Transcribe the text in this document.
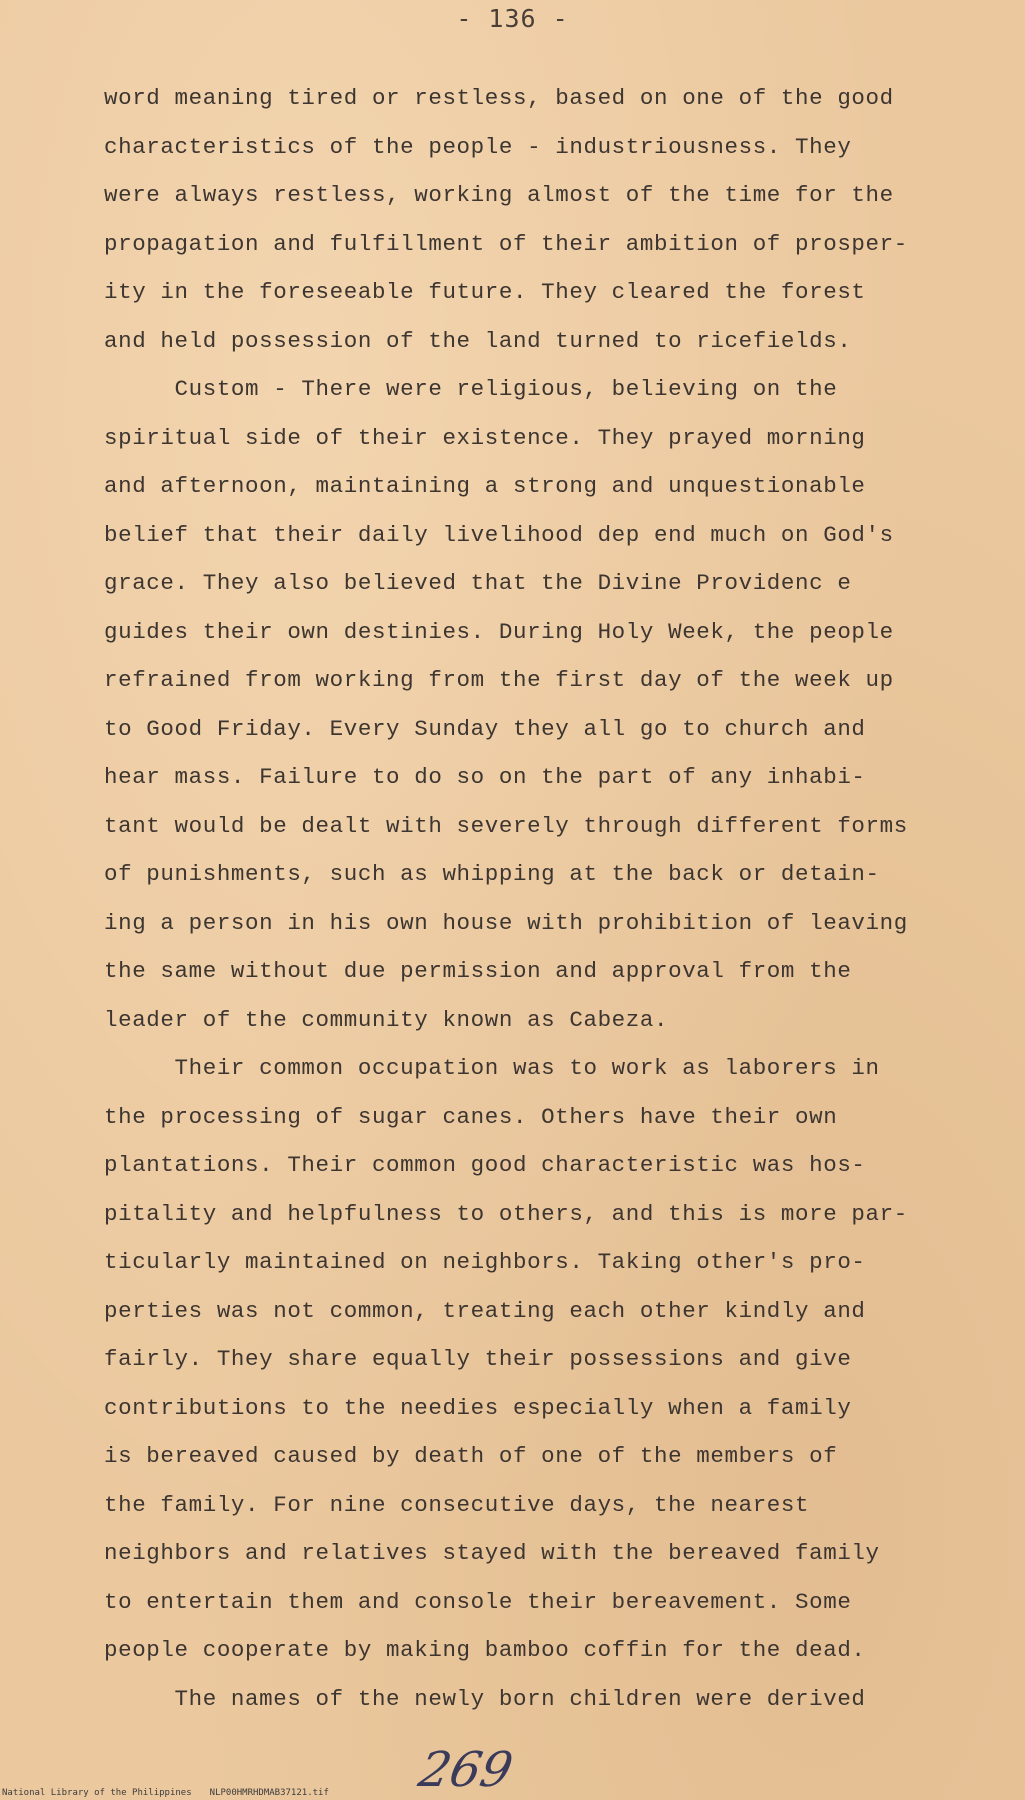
- 136 -
word meaning tired or restless, based on one of the good
characteristics of the people - industriousness. They
were always restless, working almost of the time for the
propagation and fulfillment of their ambition of prosper-
ity in the foreseeable future. They cleared the forest
and held possession of the land turned to ricefields.
Custom - There were religious, believing on the
spiritual side of their existence. They prayed morning
and afternoon, maintaining a strong and unquestionable
belief that their daily livelihood dep end much on God's
grace. They also believed that the Divine Providenc e
guides their own destinies. During Holy Week, the people
refrained from working from the first day of the week up
to Good Friday. Every Sunday they all go to church and
hear mass. Failure to do so on the part of any inhabi-
tant would be dealt with severely through different forms
of punishments, such as whipping at the back or detain-
ing a person in his own house with prohibition of leaving
the same without due permission and approval from the
leader of the community known as Cabeza.
Their common occupation was to work as laborers in
the processing of sugar canes. Others have their own
plantations. Their common good characteristic was hos-
pitality and helpfulness to others, and this is more par-
ticularly maintained on neighbors. Taking other's pro-
perties was not common, treating each other kindly and
fairly. They share equally their possessions and give
contributions to the needies especially when a family
is bereaved caused by death of one of the members of
the family. For nine consecutive days, the nearest
neighbors and relatives stayed with the bereaved family
to entertain them and console their bereavement. Some
people cooperate by making bamboo coffin for the dead.
The names of the newly born children were derived
269
National Library of the Philippines NLP00HMRHDMAB37121.tif
